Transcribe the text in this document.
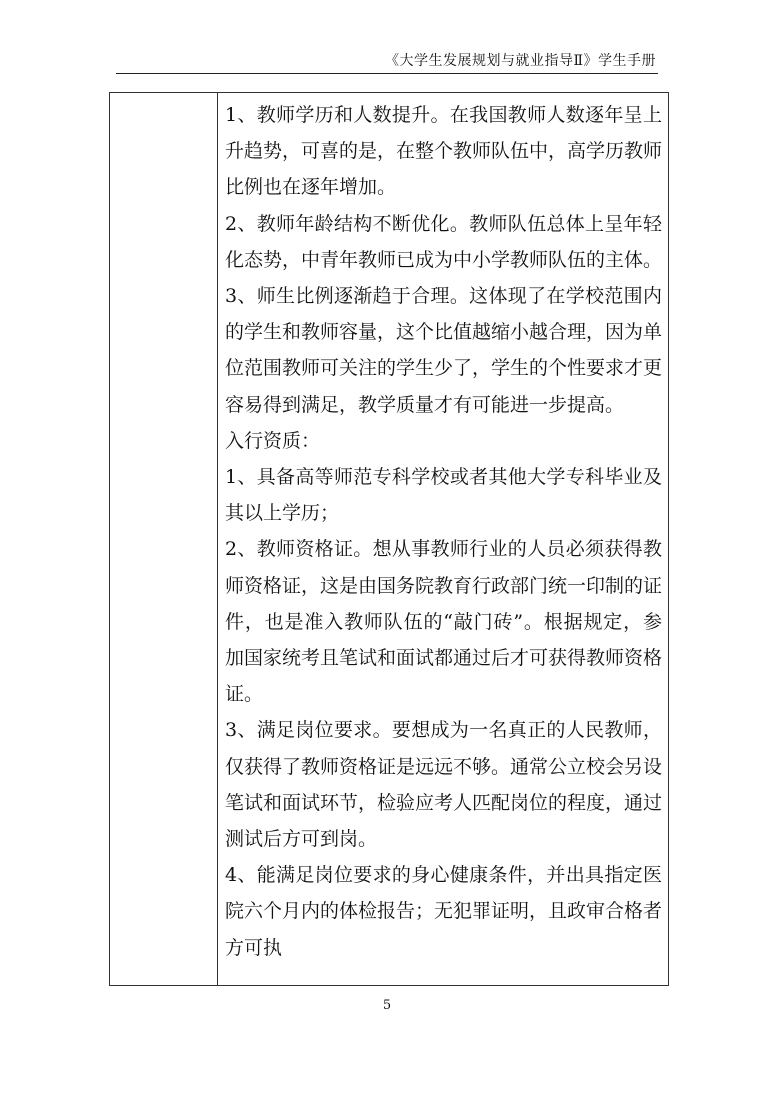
《大学生发展规划与就业指导Ⅱ》学生手册

1、教师学历和人数提升。在我国教师人数逐年呈上升趋势，可喜的是，在整个教师队伍中，高学历教师比例也在逐年增加。

2、教师年龄结构不断优化。教师队伍总体上呈年轻化态势，中青年教师已成为中小学教师队伍的主体。

3、师生比例逐渐趋于合理。这体现了在学校范围内的学生和教师容量，这个比值越缩小越合理，因为单位范围教师可关注的学生少了，学生的个性要求才更容易得到满足，教学质量才有可能进一步提高。

入行资质：

1、具备高等师范专科学校或者其他大学专科毕业及其以上学历；

2、教师资格证。想从事教师行业的人员必须获得教师资格证，这是由国务院教育行政部门统一印制的证件，也是准入教师队伍的“敲门砖”。根据规定，参加国家统考且笔试和面试都通过后才可获得教师资格证。

3、满足岗位要求。要想成为一名真正的人民教师，仅获得了教师资格证是远远不够。通常公立校会另设笔试和面试环节，检验应考人匹配岗位的程度，通过测试后方可到岗。

4、能满足岗位要求的身心健康条件，并出具指定医院六个月内的体检报告；无犯罪证明，且政审合格者方可执

5
